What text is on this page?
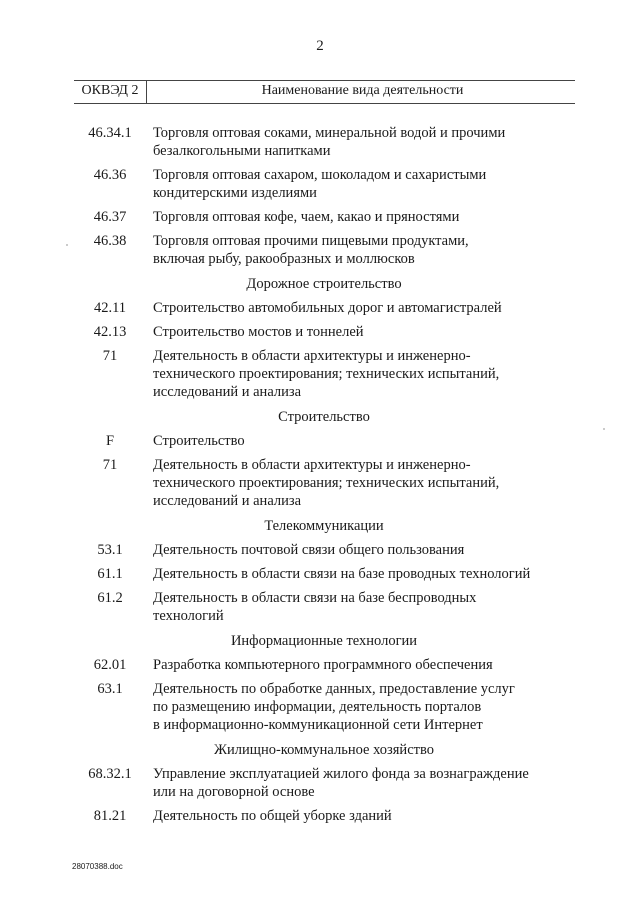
2
ОКВЭД 2	Наименование вида деятельности
46.34.1	Торговля оптовая соками, минеральной водой и прочими
безалкогольными напитками
46.36	Торговля оптовая сахаром, шоколадом и сахаристыми
кондитерскими изделиями
46.37	Торговля оптовая кофе, чаем, какао и пряностями
46.38	Торговля оптовая прочими пищевыми продуктами,
включая рыбу, ракообразных и моллюсков
Дорожное строительство
42.11	Строительство автомобильных дорог и автомагистралей
42.13	Строительство мостов и тоннелей
71	Деятельность в области архитектуры и инженерно-
технического проектирования; технических испытаний,
исследований и анализа
Строительство
F	Строительство
71	Деятельность в области архитектуры и инженерно-
технического проектирования; технических испытаний,
исследований и анализа
Телекоммуникации
53.1	Деятельность почтовой связи общего пользования
61.1	Деятельность в области связи на базе проводных технологий
61.2	Деятельность в области связи на базе беспроводных
технологий
Информационные технологии
62.01	Разработка компьютерного программного обеспечения
63.1	Деятельность по обработке данных, предоставление услуг
по размещению информации, деятельность порталов
в информационно-коммуникационной сети Интернет
Жилищно-коммунальное хозяйство
68.32.1	Управление эксплуатацией жилого фонда за вознаграждение
или на договорной основе
81.21	Деятельность по общей уборке зданий
28070388.doc
